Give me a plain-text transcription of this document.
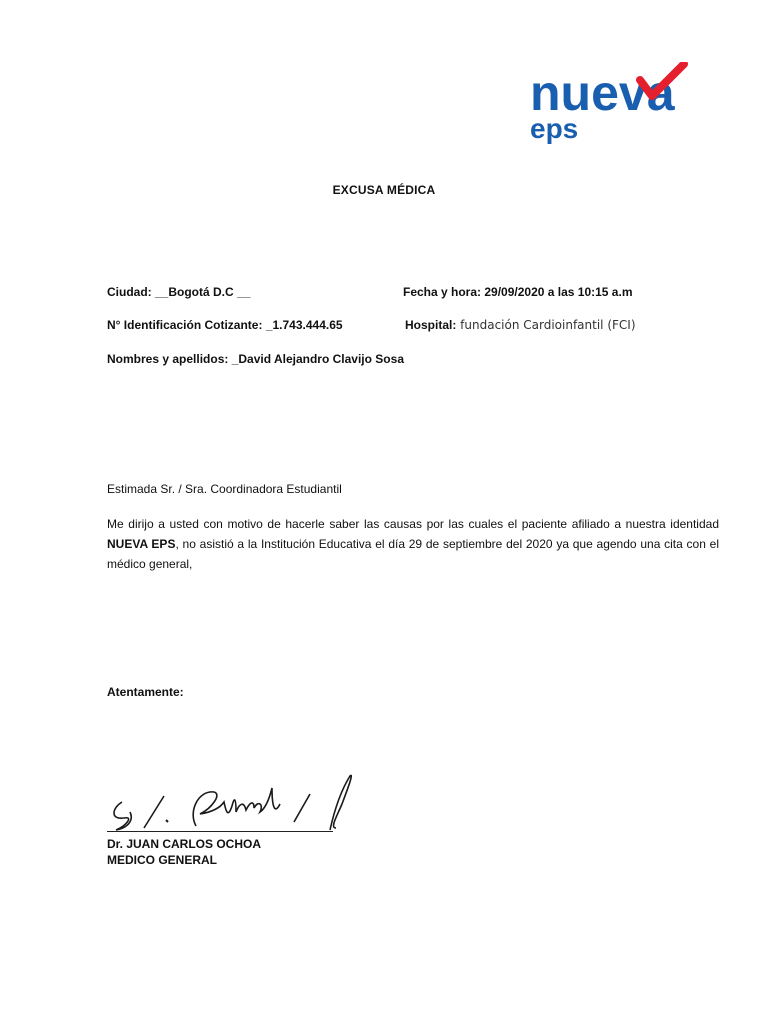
nueva
eps
EXCUSA MÉDICA
Ciudad: __Bogotá D.C __	Fecha y hora: 29/09/2020 a las 10:15 a.m
N° Identificación Cotizante: _1.743.444.65	Hospital: fundación Cardioinfantil (FCI)
Nombres y apellidos: _David Alejandro Clavijo Sosa
Estimada Sr. / Sra. Coordinadora Estudiantil
Me dirijo a usted con motivo de hacerle saber las causas por las cuales el paciente afiliado a nuestra identidad NUEVA EPS, no asistió a la Institución Educativa el día 29 de septiembre del 2020 ya que agendo una cita con el médico general,
Atentamente:
Dr. JUAN CARLOS OCHOA
MEDICO GENERAL
